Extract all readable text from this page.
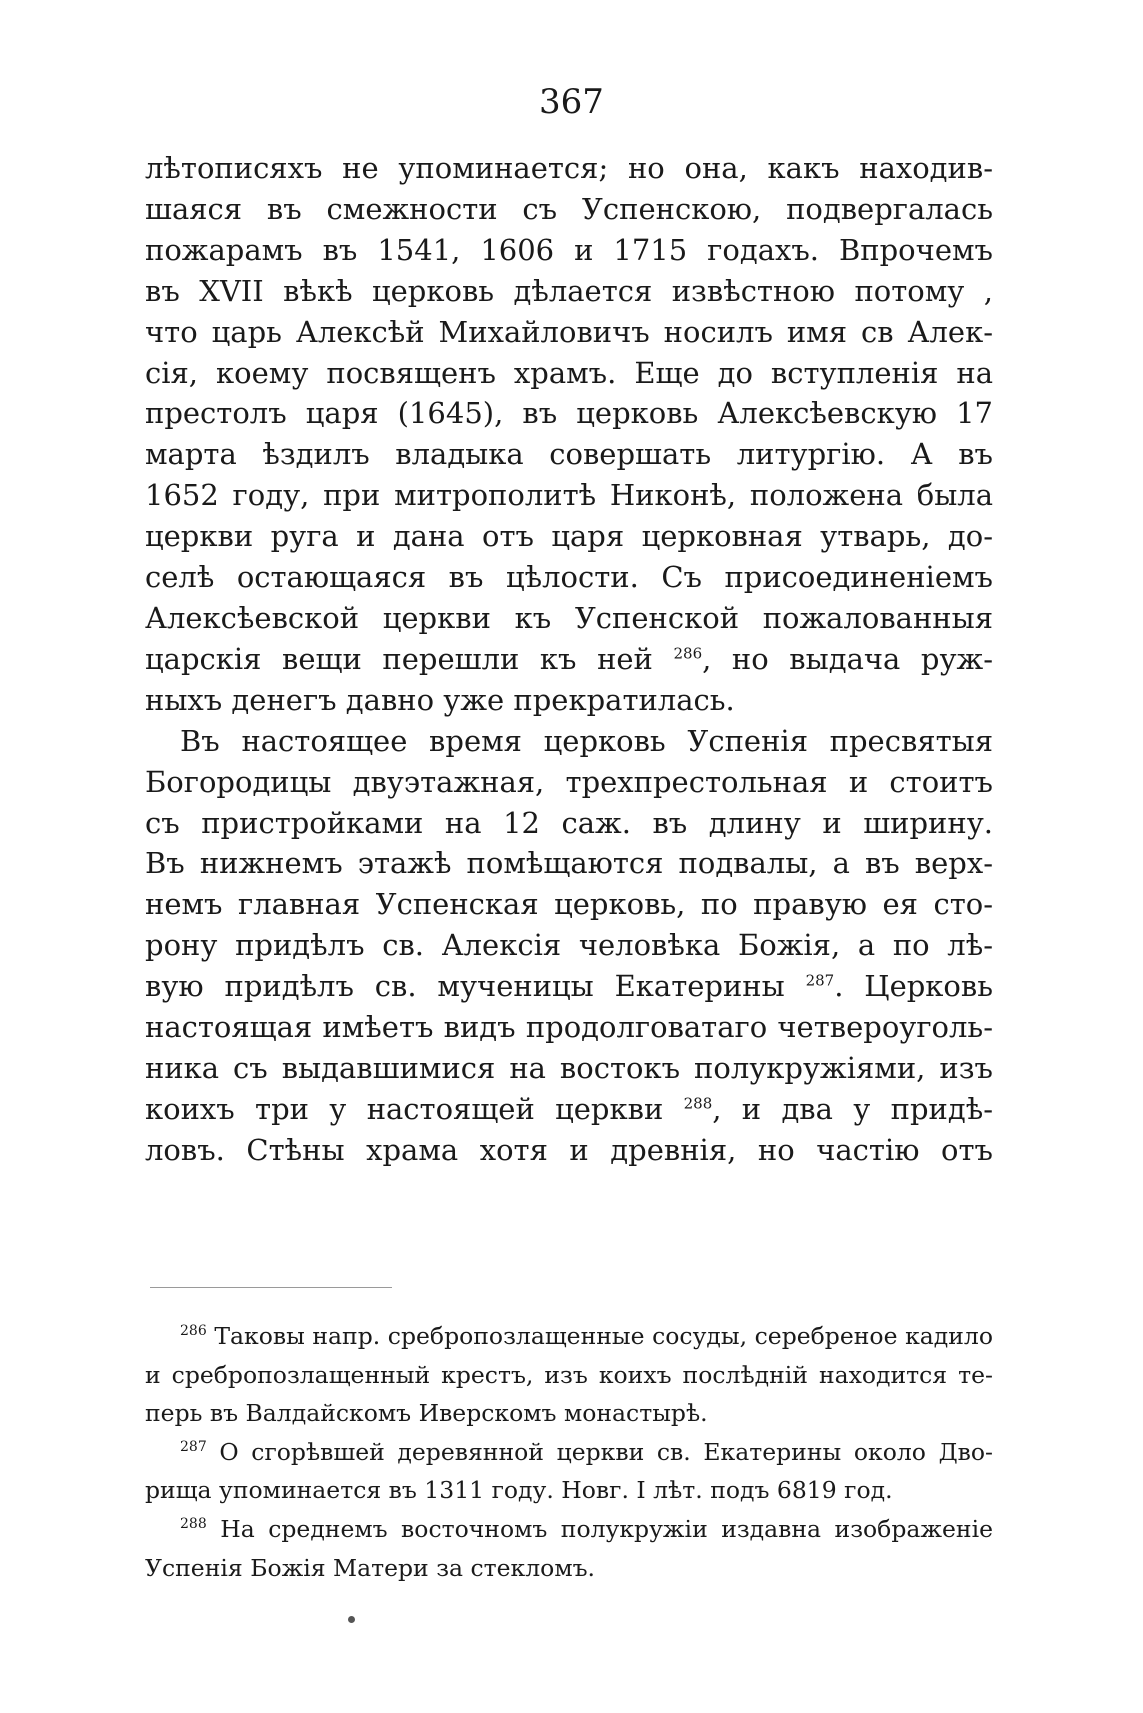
367

лѣтописяхъ не упоминается; но она, какъ находив-

шаяся въ смежности съ Успенскою, подвергалась

пожарамъ въ 1541, 1606 и 1715 годахъ. Впрочемъ

въ XVII вѣкѣ церковь дѣлается извѣстною потому ,

что царь Алексѣй Михайловичъ носилъ имя св Алек-

сія, коему посвященъ храмъ. Еще до вступленія на

престолъ царя (1645), въ церковь Алексѣевскую 17

марта ѣздилъ владыка совершать литургію. А въ

1652 году, при митрополитѣ Никонѣ, положена была

церкви руга и дана отъ царя церковная утварь, до-

селѣ остающаяся въ цѣлости. Съ присоединеніемъ

Алексѣевской церкви къ Успенской пожалованныя

царскія вещи перешли къ ней $^{286}$, но выдача руж-

ныхъ денегъ давно уже прекратилась.

Въ настоящее время церковь Успенія пресвятыя

Богородицы двуэтажная, трехпрестольная и стоитъ

съ пристройками на 12 саж. въ длину и ширину.

Въ нижнемъ этажѣ помѣщаются подвалы, а въ верх-

немъ главная Успенская церковь, по правую ея сто-

рону придѣлъ св. Алексія человѣка Божія, а по лѣ-

вую придѣлъ св. мученицы Екатерины $^{287}$. Церковь

настоящая имѣетъ видъ продолговатаго четвероуголь-

ника съ выдавшимися на востокъ полукружіями, изъ

коихъ три у настоящей церкви $^{288}$, и два у придѣ-

ловъ. Стѣны храма хотя и древнія, но частію отъ

$^{286}$ Таковы напр. сребропозлащенные сосуды, серебреное кадило

и сребропозлащенный крестъ, изъ коихъ послѣдній находится те-

перь въ Валдайскомъ Иверскомъ монастырѣ.

$^{287}$ О сгорѣвшей деревянной церкви св. Екатерины около Дво-

рища упоминается въ 1311 году. Новг. I лѣт. подъ 6819 год.

$^{288}$ На среднемъ восточномъ полукружіи издавна изображеніе

Успенія Божія Матери за стекломъ.
